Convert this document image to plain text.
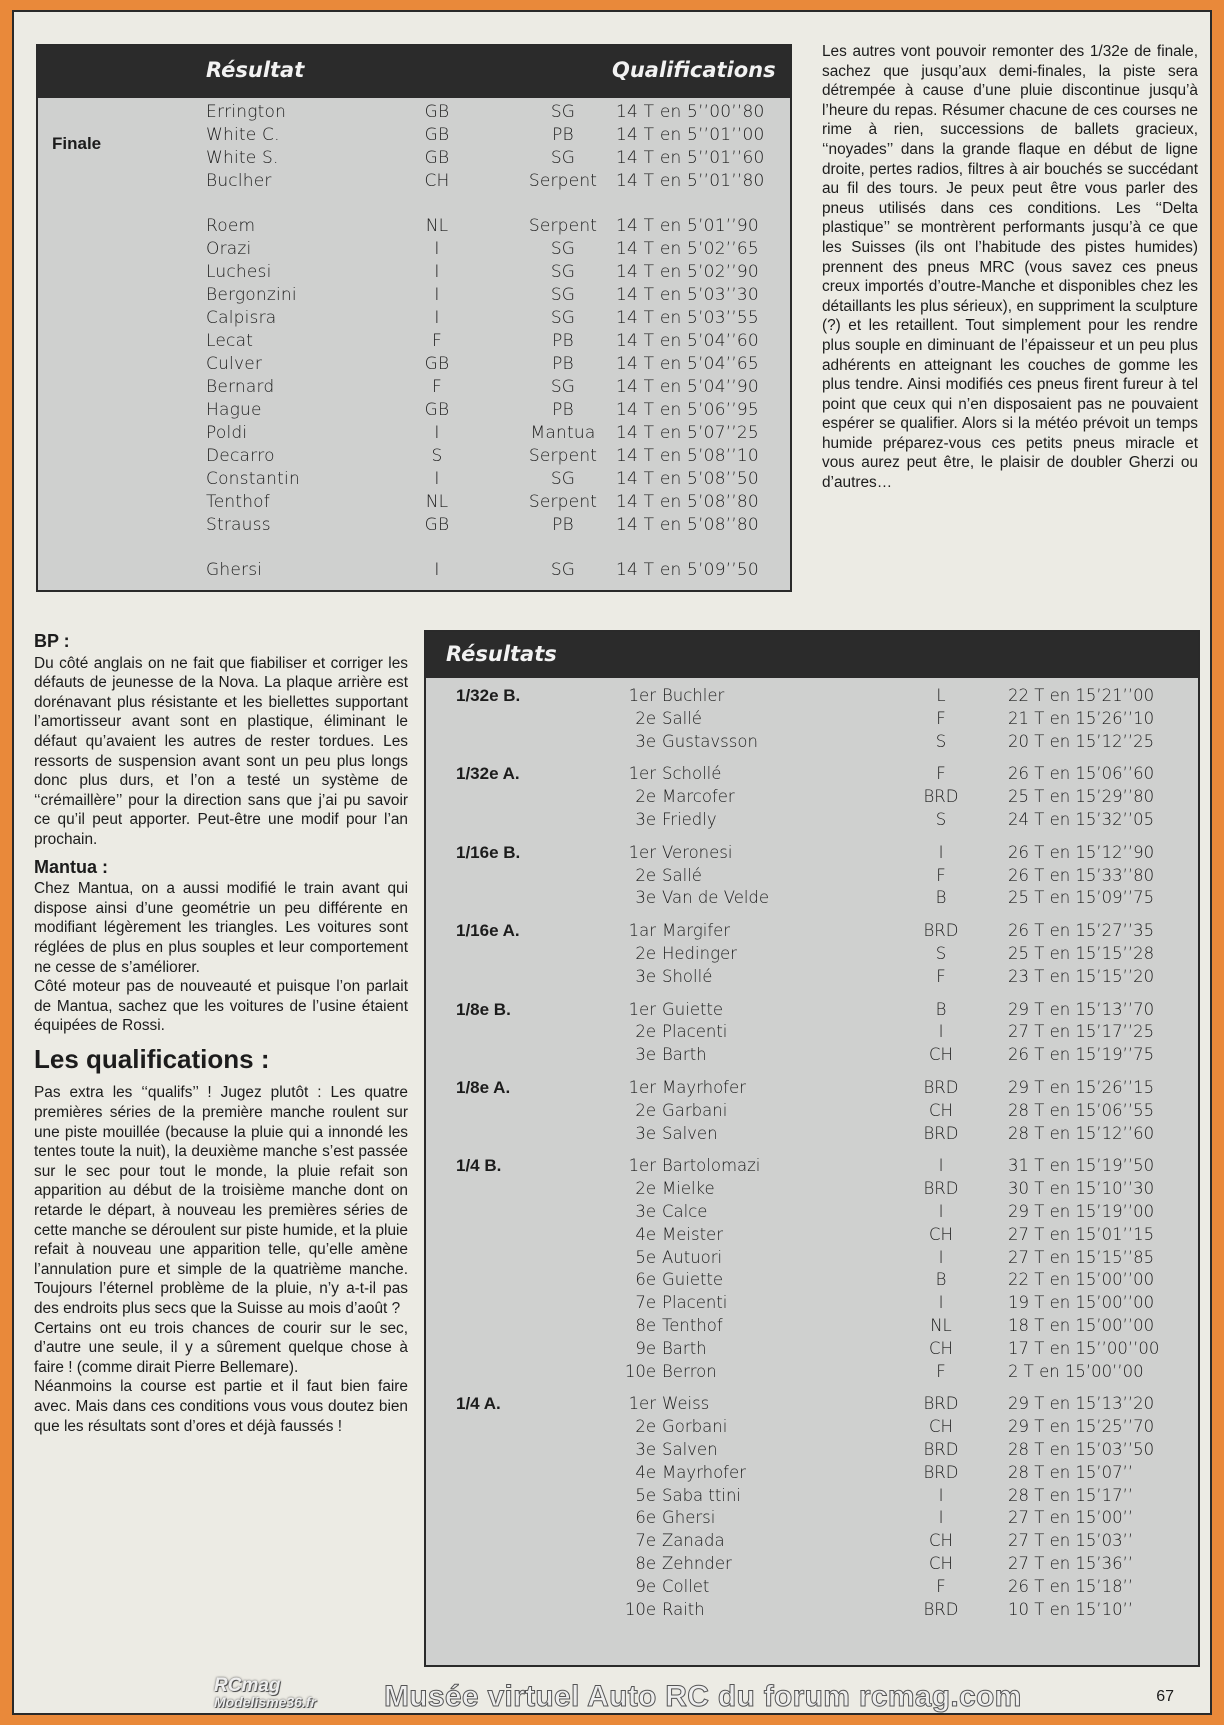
Résultat	Qualifications
Finale
Errington	GB	SG	14 T en 5’’00’’80
White C.	GB	PB	14 T en 5’’01’’00
White S.	GB	SG	14 T en 5’’01’’60
Buclher	CH	Serpent	14 T en 5’’01’’80
Roem	NL	Serpent	14 T en 5’01’’90
Orazi	I	SG	14 T en 5’02’’65
Luchesi	I	SG	14 T en 5’02’’90
Bergonzini	I	SG	14 T en 5’03’’30
Calpisra	I	SG	14 T en 5’03’’55
Lecat	F	PB	14 T en 5’04’’60
Culver	GB	PB	14 T en 5’04’’65
Bernard	F	SG	14 T en 5’04’’90
Hague	GB	PB	14 T en 5’06’’95
Poldi	I	Mantua	14 T en 5’07’’25
Decarro	S	Serpent	14 T en 5’08’’10
Constantin	I	SG	14 T en 5’08’’50
Tenthof	NL	Serpent	14 T en 5’08’’80
Strauss	GB	PB	14 T en 5’08’’80
Ghersi	I	SG	14 T en 5’09’’50
Les autres vont pouvoir remonter des 1/32e de finale, sachez que jusqu’aux demi-finales, la piste sera détrempée à cause d’une pluie discontinue jusqu’à l’heure du repas. Résumer chacune de ces courses ne rime à rien, successions de ballets gracieux, ‘‘noyades’’ dans la grande flaque en début de ligne droite, pertes radios, filtres à air bouchés se succédant au fil des tours. Je peux peut être vous parler des pneus utilisés dans ces conditions. Les ‘‘Delta plastique’’ se montrèrent performants jusqu’à ce que les Suisses (ils ont l’habitude des pistes humides) prennent des pneus MRC (vous savez ces pneus creux importés d’outre-Manche et disponibles chez les détaillants les plus sérieux), en suppriment la sculpture (?) et les retaillent. Tout simplement pour les rendre plus souple en diminuant de l’épaisseur et un peu plus adhérents en atteignant les couches de gomme les plus tendre. Ainsi modifiés ces pneus firent fureur à tel point que ceux qui n’en disposaient pas ne pouvaient espérer se qualifier. Alors si la météo prévoit un temps humide préparez-vous ces petits pneus miracle et vous aurez peut être, le plaisir de doubler Gherzi ou d’autres…
BP :

Du côté anglais on ne fait que fiabiliser et corriger les défauts de jeunesse de la Nova. La plaque arrière est dorénavant plus résistante et les biellettes supportant l’amortisseur avant sont en plastique, éliminant le défaut qu’avaient les autres de rester tordues. Les ressorts de suspension avant sont un peu plus longs donc plus durs, et l’on a testé un système de ‘‘crémaillère’’ pour la direction sans que j’ai pu savoir ce qu’il peut apporter. Peut-être une modif pour l’an prochain.

Mantua :

Chez Mantua, on a aussi modifié le train avant qui dispose ainsi d’une geométrie un peu différente en modifiant légèrement les triangles. Les voitures sont réglées de plus en plus souples et leur comportement ne cesse de s’améliorer.

Côté moteur pas de nouveauté et puisque l’on parlait de Mantua, sachez que les voitures de l’usine étaient équipées de Rossi.

Les qualifications :

Pas extra les ‘‘qualifs’’ ! Jugez plutôt : Les quatre premières séries de la première manche roulent sur une piste mouillée (because la pluie qui a innondé les tentes toute la nuit), la deuxième manche s’est passée sur le sec pour tout le monde, la pluie refait son apparition au début de la troisième manche dont on retarde le départ, à nouveau les premières séries de cette manche se déroulent sur piste humide, et la pluie refait à nouveau une apparition telle, qu’elle amène l’annulation pure et simple de la quatrième manche. Toujours l’éternel problème de la pluie, n’y a-t-il pas des endroits plus secs que la Suisse au mois d’août ?

Certains ont eu trois chances de courir sur le sec, d’autre une seule, il y a sûrement quelque chose à faire ! (comme dirait Pierre Bellemare).

Néanmoins la course est partie et il faut bien faire avec. Mais dans ces conditions vous vous doutez bien que les résultats sont d’ores et déjà faussés !

Résultats
1/32e B.	1er Buchler	L	22 T en 15’21’’00
2e Sallé	F	21 T en 15’26’’10
3e Gustavsson	S	20 T en 15’12’’25
1/32e A.	1er Schollé	F	26 T en 15’06’’60
2e Marcofer	BRD	25 T en 15’29’’80
3e Friedly	S	24 T en 15’32’’05
1/16e B.	1er Veronesi	I	26 T en 15’12’’90
2e Sallé	F	26 T en 15’33’’80
3e Van de Velde	B	25 T en 15’09’’75
1/16e A.	1ar Margifer	BRD	26 T en 15’27’’35
2e Hedinger	S	25 T en 15’15’’28
3e Shollé	F	23 T en 15’15’’20
1/8e B.	1er Guiette	B	29 T en 15’13’’70
2e Placenti	I	27 T en 15’17’’25
3e Barth	CH	26 T en 15’19’’75
1/8e A.	1er Mayrhofer	BRD	29 T en 15’26’’15
2e Garbani	CH	28 T en 15’06’’55
3e Salven	BRD	28 T en 15’12’’60
1/4 B.	1er Bartolomazi	I	31 T en 15’19’’50
2e Mielke	BRD	30 T en 15’10’’30
3e Calce	I	29 T en 15’19’’00
4e Meister	CH	27 T en 15’01’’15
5e Autuori	I	27 T en 15’15’’85
6e Guiette	B	22 T en 15’00’’00
7e Placenti	I	19 T en 15’00’’00
8e Tenthof	NL	18 T en 15’00’’00
9e Barth	CH	17 T en 15’’00’’00
10e Berron	F	2 T en 15’00’’00
1/4 A.	1er Weiss	BRD	29 T en 15’13’’20
2e Gorbani	CH	29 T en 15’25’’70
3e Salven	BRD	28 T en 15’03’’50
4e Mayrhofer	BRD	28 T en 15’07’’
5e Saba ttini	I	28 T en 15’17’’
6e Ghersi	I	27 T en 15’00’’
7e Zanada	CH	27 T en 15’03’’
8e Zehnder	CH	27 T en 15’36’’
9e Collet	F	26 T en 15’18’’
10e Raith	BRD	10 T en 15’10’’
RCmag
Modelisme36.fr Musée virtuel Auto RC du forum rcmag.com	67
